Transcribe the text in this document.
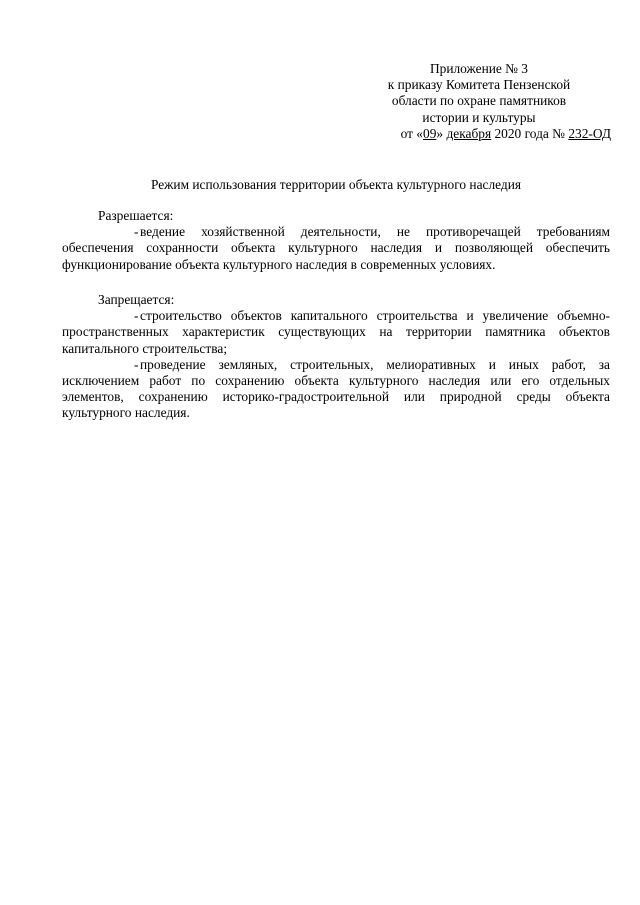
Приложение № 3
к приказу Комитета Пензенской
области по охране памятников
истории и культуры
от «09» декабря 2020 года № 232-ОД
Режим использования территории объекта культурного наследия
Разрешается:
- ведение хозяйственной деятельности, не противоречащей требованиям обеспечения сохранности объекта культурного наследия и позволяющей обеспечить функционирование объекта культурного наследия в современных условиях.
Запрещается:
- строительство объектов капитального строительства и увеличение объемно-пространственных характеристик существующих на территории памятника объектов капитального строительства;
- проведение земляных, строительных, мелиоративных и иных работ, за исключением работ по сохранению объекта культурного наследия или его отдельных элементов, сохранению историко-градостроительной или природной среды объекта культурного наследия.
